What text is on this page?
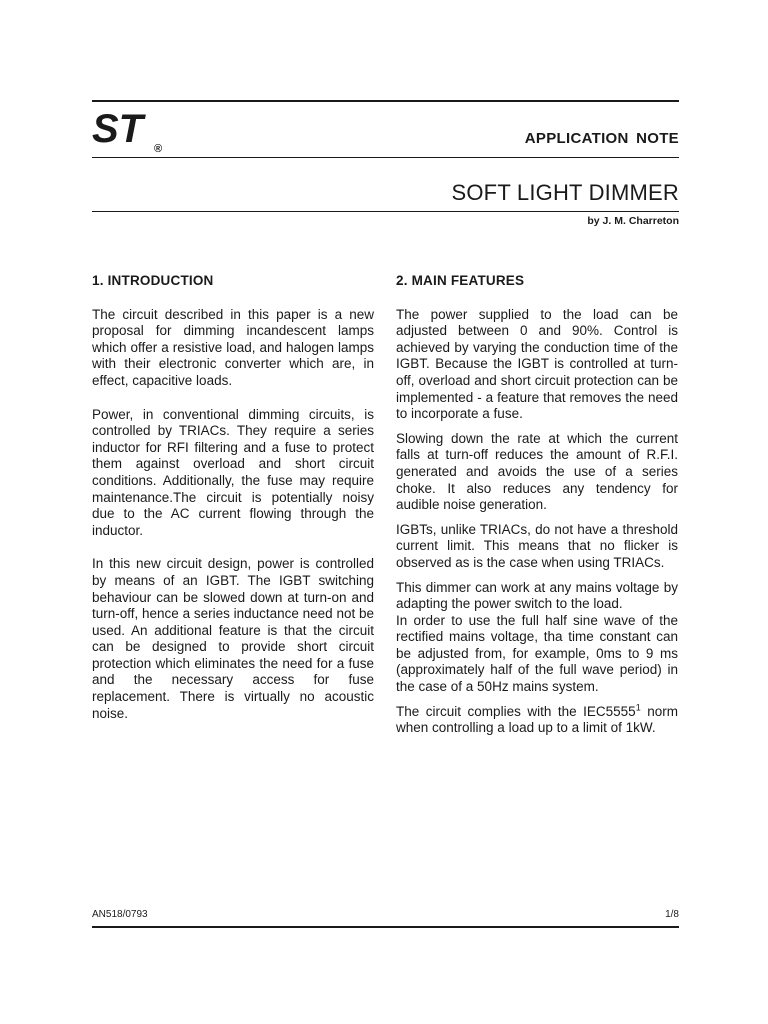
ST ®
APPLICATION NOTE
SOFT LIGHT DIMMER
by J. M. Charreton
1. INTRODUCTION

The circuit described in this paper is a new proposal for dimming incandescent lamps which offer a resistive load, and halogen lamps with their electronic converter which are, in effect, capacitive loads.

Power, in conventional dimming circuits, is controlled by TRIACs. They require a series inductor for RFI filtering and a fuse to protect them against overload and short circuit conditions. Additionally, the fuse may require maintenance.The circuit is potentially noisy due to the AC current flowing through the inductor.

In this new circuit design, power is controlled by means of an IGBT. The IGBT switching behaviour can be slowed down at turn-on and turn-off, hence a series inductance need not be used. An additional feature is that the circuit can be designed to provide short circuit protection which eliminates the need for a fuse and the necessary access for fuse replacement. There is virtually no acoustic noise.

2. MAIN FEATURES

The power supplied to the load can be adjusted between 0 and 90%. Control is achieved by varying the conduction time of the IGBT. Because the IGBT is controlled at turn-off, overload and short circuit protection can be implemented - a feature that removes the need to incorporate a fuse.

Slowing down the rate at which the current falls at turn-off reduces the amount of R.F.I. generated and avoids the use of a series choke. It also reduces any tendency for audible noise generation.

IGBTs, unlike TRIACs, do not have a threshold current limit. This means that no flicker is observed as is the case when using TRIACs.

This dimmer can work at any mains voltage by adapting the power switch to the load.

In order to use the full half sine wave of the rectified mains voltage, tha time constant can be adjusted from, for example, 0ms to 9 ms (approximately half of the full wave period) in the case of a 50Hz mains system.

The circuit complies with the IEC5555$^1$ norm when controlling a load up to a limit of 1kW.

AN518/0793	1/8
